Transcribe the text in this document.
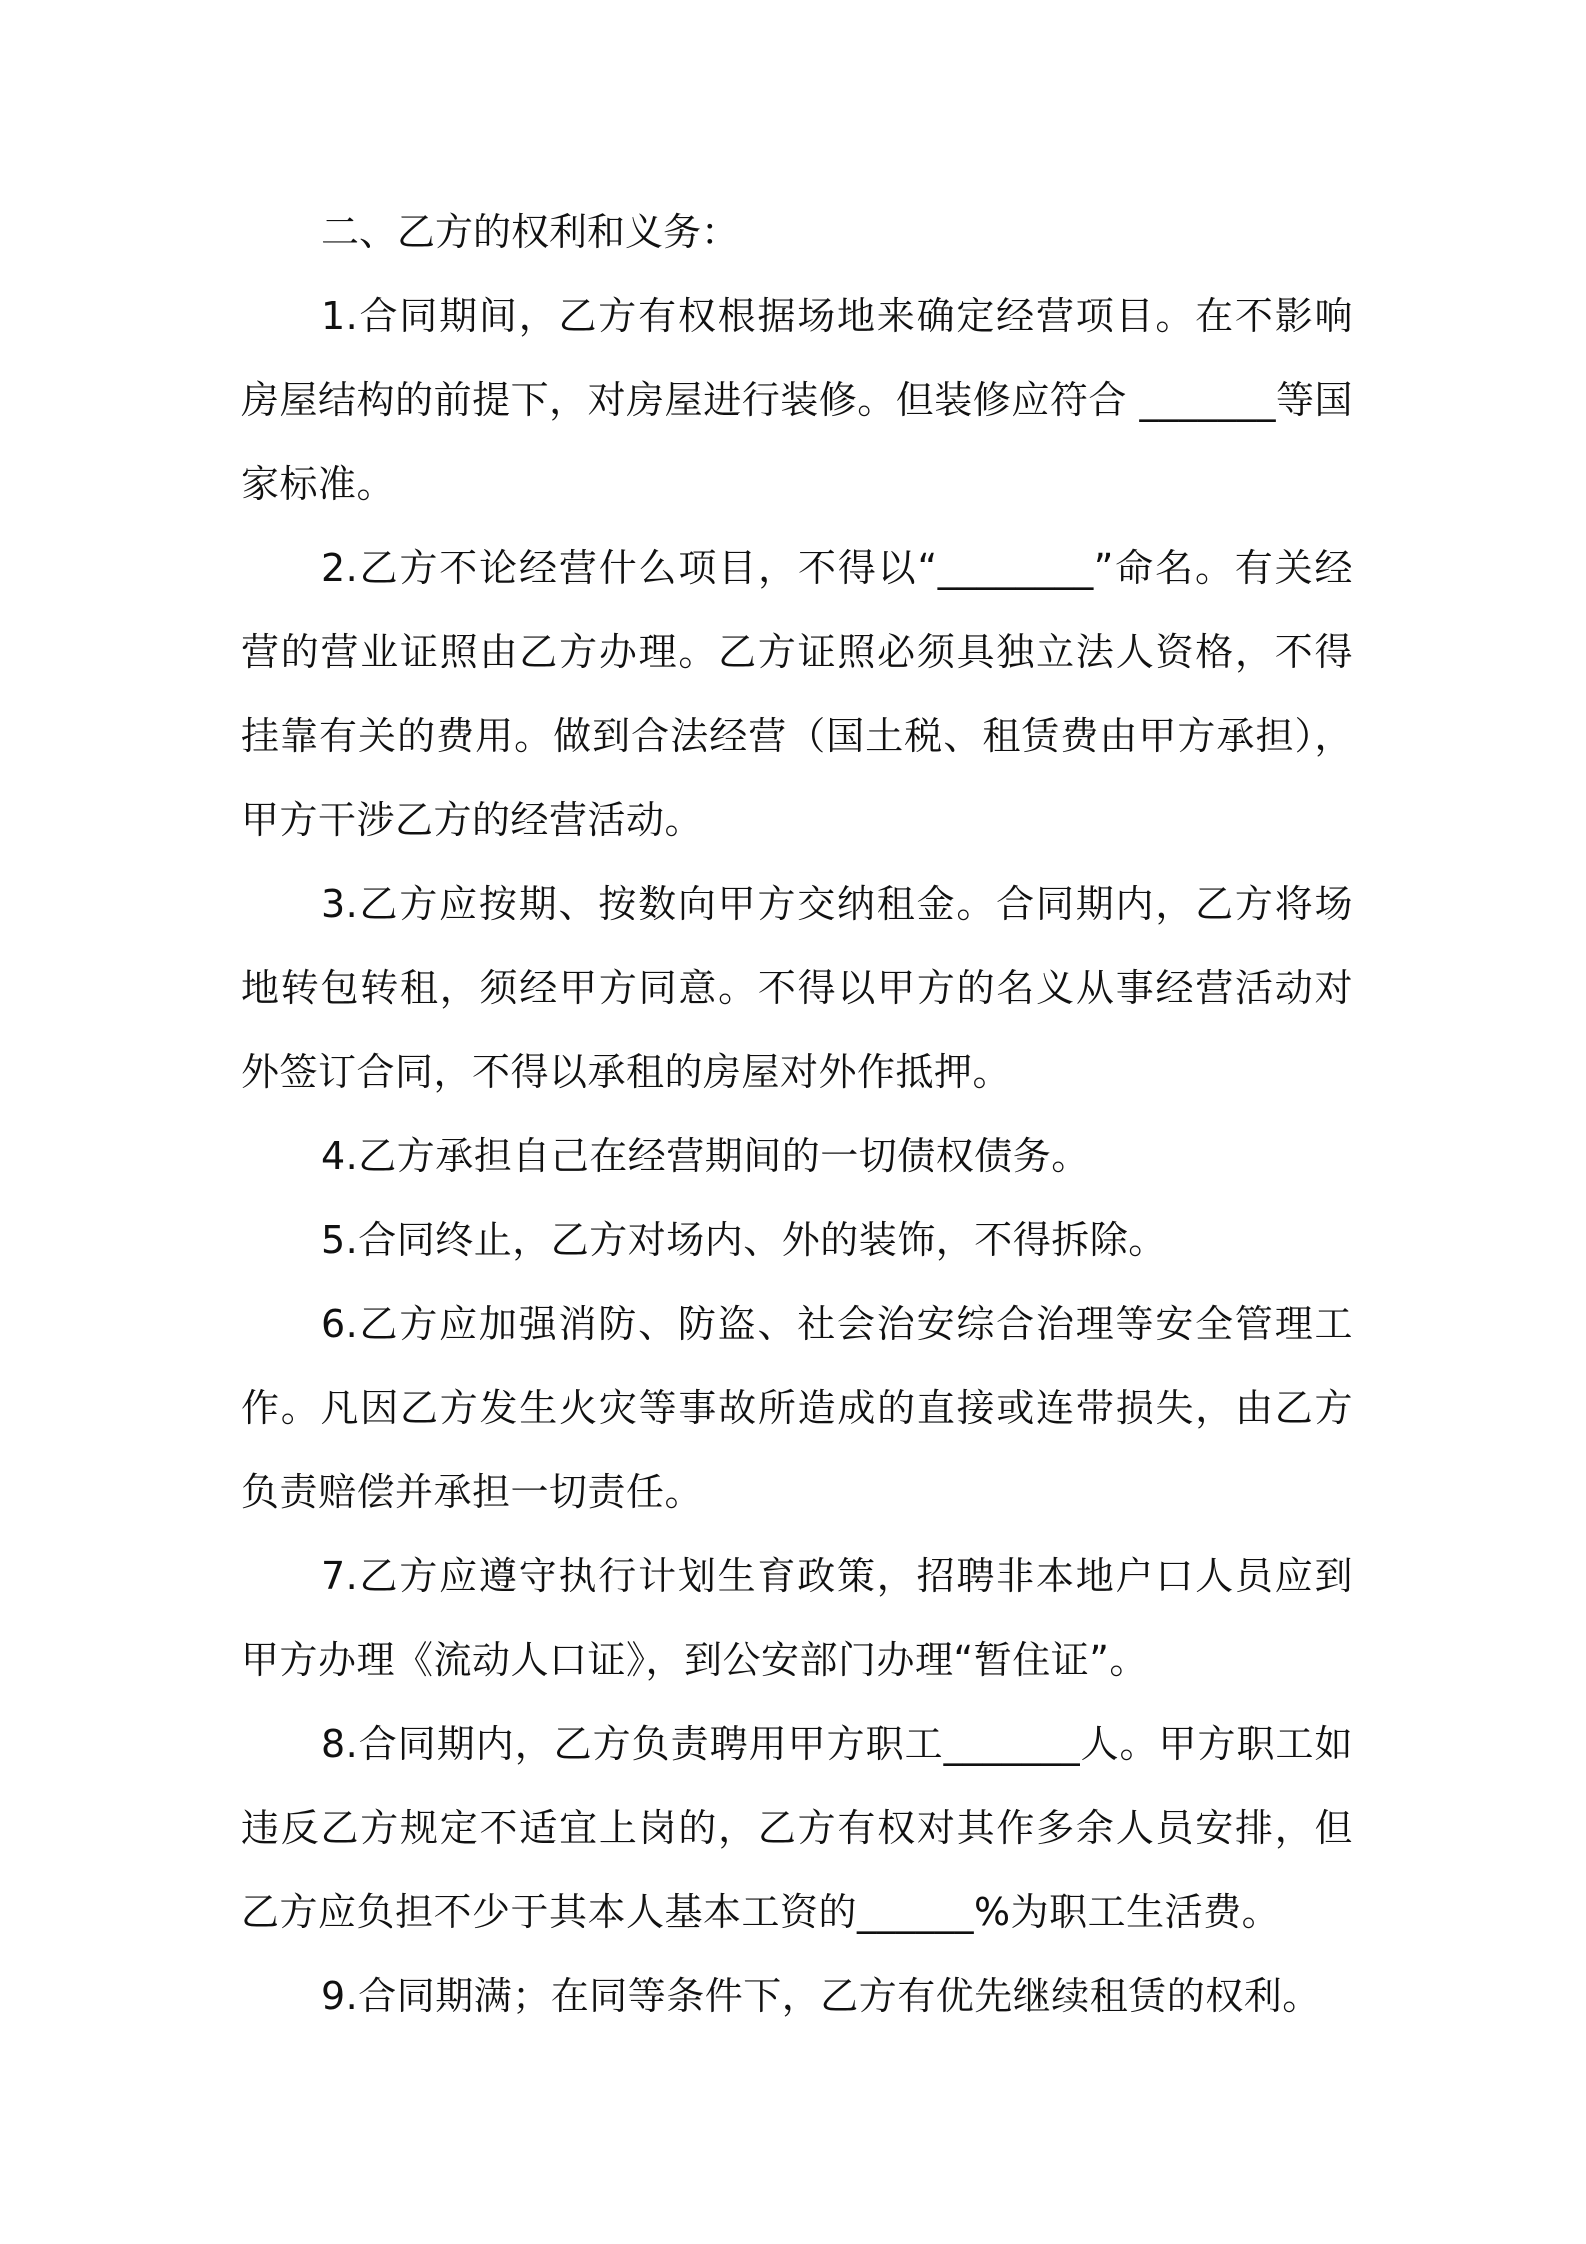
二、乙方的权利和义务：

1.合同期间，乙方有权根据场地来确定经营项目。在不影响房屋结构的前提下，对房屋进行装修。但装修应符合 _______等国家标准。

2.乙方不论经营什么项目，不得以“________”命名。有关经营的营业证照由乙方办理。乙方证照必须具独立法人资格，不得挂靠有关的费用。做到合法经营（国土税、租赁费由甲方承担），甲方干涉乙方的经营活动。

3.乙方应按期、按数向甲方交纳租金。合同期内，乙方将场地转包转租，须经甲方同意。不得以甲方的名义从事经营活动对外签订合同，不得以承租的房屋对外作抵押。

4.乙方承担自己在经营期间的一切债权债务。

5.合同终止，乙方对场内、外的装饰，不得拆除。

6.乙方应加强消防、防盗、社会治安综合治理等安全管理工作。凡因乙方发生火灾等事故所造成的直接或连带损失，由乙方负责赔偿并承担一切责任。

7.乙方应遵守执行计划生育政策，招聘非本地户口人员应到甲方办理《流动人口证》，到公安部门办理“暂住证”。

8.合同期内，乙方负责聘用甲方职工_______人。甲方职工如违反乙方规定不适宜上岗的，乙方有权对其作多余人员安排，但乙方应负担不少于其本人基本工资的______%为职工生活费。

9.合同期满；在同等条件下，乙方有优先继续租赁的权利。
